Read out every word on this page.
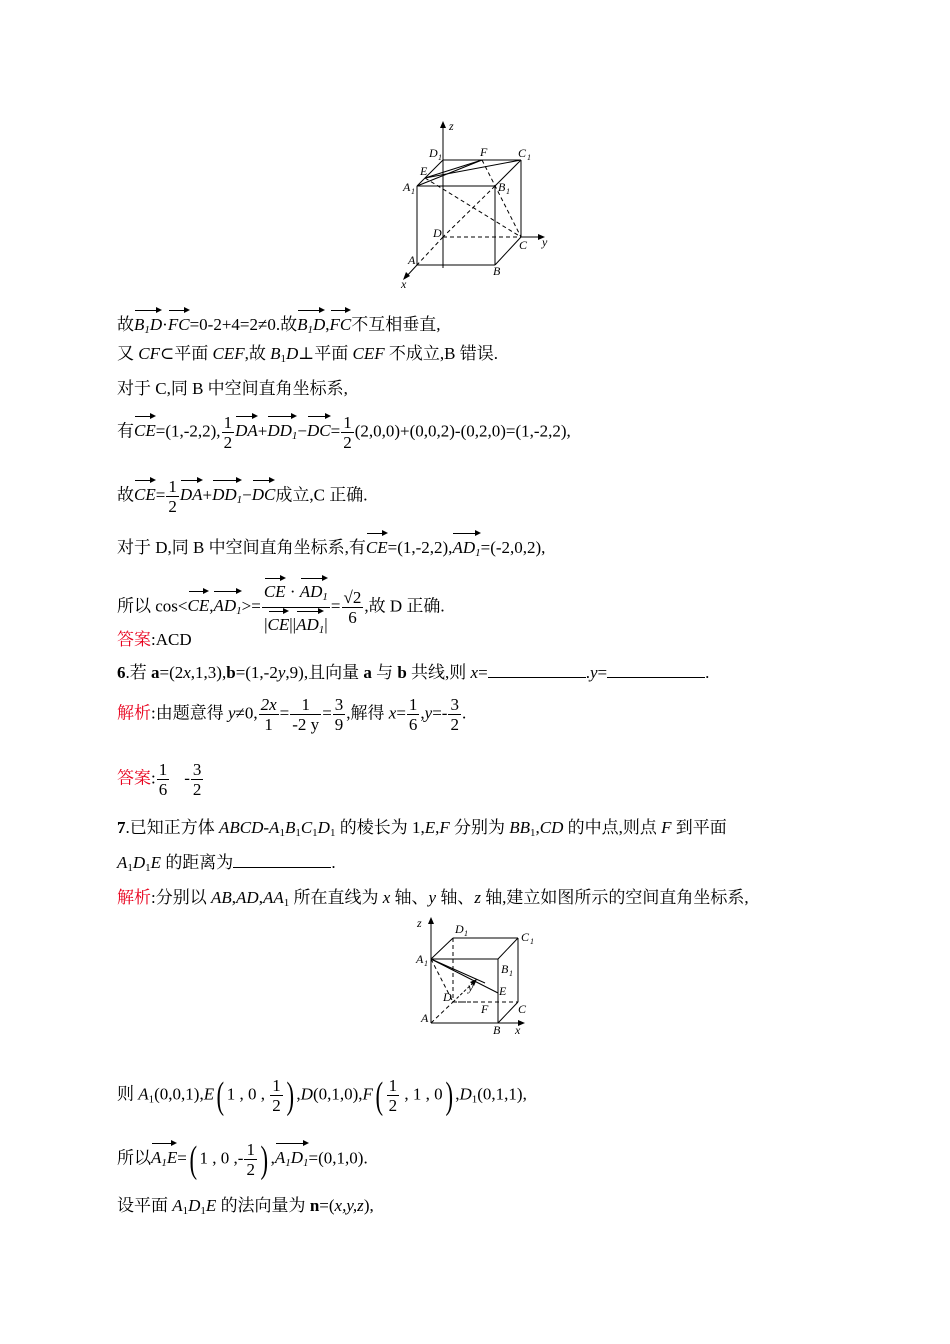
z
D 1	F	C 1
E
A 1	B 1
D
C y
A
B
x
故$B_1D\cdot FC=0-2+4=2\ne 0$.故$B_1D,FC$不互相垂直,
又 CF⊂平面 CEF,故 $B_1D\perp$平面 CEF 不成立,B 错误.
对于 C,同 B 中空间直角坐标系,
有CE=(1,-2,2), $\frac{1}{2} DA+DD_1-DC= \frac{1}{2} (2,0,0)+(0,0,2)-(0,2,0)=(1,-2,2)$,
故$CE= \frac{1}{2} DA+DD_1-DC$成立,C 正确.
对于 D,同 B 中空间直角坐标系,有$CE=(1,-2,2),AD_1=(-2,0,2)$,
所以 $\cos<CE,AD_1>= \frac{CE \cdot AD_1}{|CE||AD_1|} = \frac{√2}{6}$ ,故 D 正确.
答案:ACD
6.若 a=(2x,1,3),b=(1,-2y,9),且向量 a 与 b 共线,则 x=	.y=	.
解析:由题意得 y≠0, $\frac{2x}{1} = \frac{1}{-2 y} = \frac{3}{9}$ ,解得 $x= \frac{1}{6} ,y=- \frac{3}{2}$ .
答案: $\frac{1}{6} - \frac{3}{2}$
7.已知正方体 ABCD-$A_1B_1C_1D_1$ 的棱长为 1,E,F 分别为 $BB_1,CD$ 的中点,则点 F 到平面
$A_1D_1E$ 的距离为	.
解析:分别以 $AB,AD,AA_1$ 所在直线为 x 轴、y 轴、z 轴,建立如图所示的空间直角坐标系,
z	D 1	C 1
A 1	B 1
y
D	E
F C
A
B x
则 $A_1(0,0,1),E$( 1 , 0 , $\frac{1}{2}$ ) $,D(0,1,0),F( \frac{1}{2}$ , 1 , 0) $,D_1(0,1,1)$,
所以$A_1E=$( 1 , 0 ,- $\frac{1}{2}$ ) $,A_1D_1=(0,1,0)$.
设平面 $A_1D_1E$ 的法向量为 n=(x,y,z),
